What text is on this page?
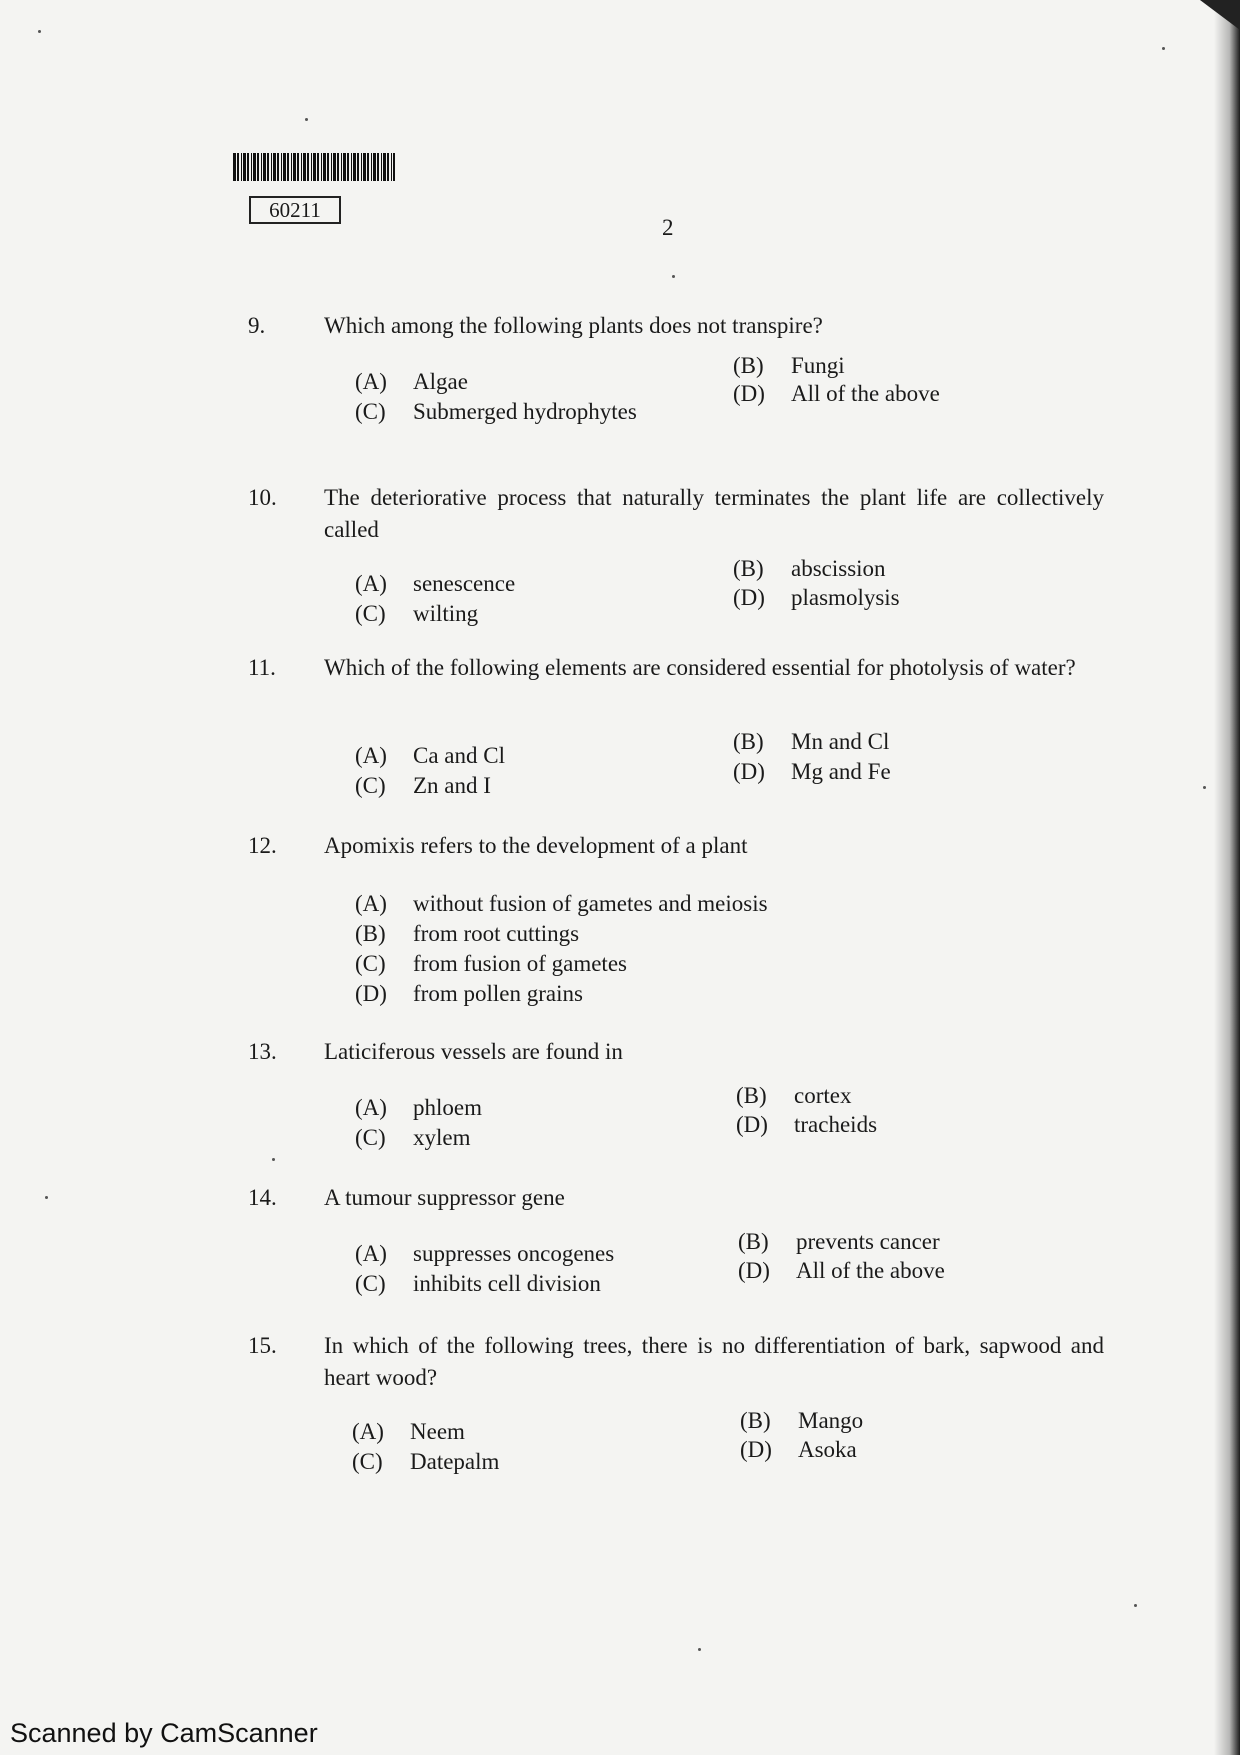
60211
2
9.	Which among the following plants does not transpire?
(A) Algae
(B) Fungi
(C) Submerged hydrophytes
(D) All of the above
10. The deteriorative process that naturally terminates the plant life are collectively called
(A) senescence
(B) abscission
(C) wilting
(D) plasmolysis
11. Which of the following elements are considered essential for photolysis of water?
(A) Ca and Cl
(B) Mn and Cl
(C) Zn and I
(D) Mg and Fe
12. Apomixis refers to the development of a plant
(A) without fusion of gametes and meiosis
(B) from root cuttings
(C) from fusion of gametes
(D) from pollen grains
13. Laticiferous vessels are found in
(A) phloem	(B) cortex
(C) xylem
(D) tracheids
14. A tumour suppressor gene
(A) suppresses oncogenes	(B) prevents cancer
(C) inhibits cell division
(D) All of the above
15. In which of the following trees, there is no differentiation of bark, sapwood and heart wood?
(A) Neem	(B) Mango
(C) Datepalm	(D) Asoka
Scanned by CamScanner
